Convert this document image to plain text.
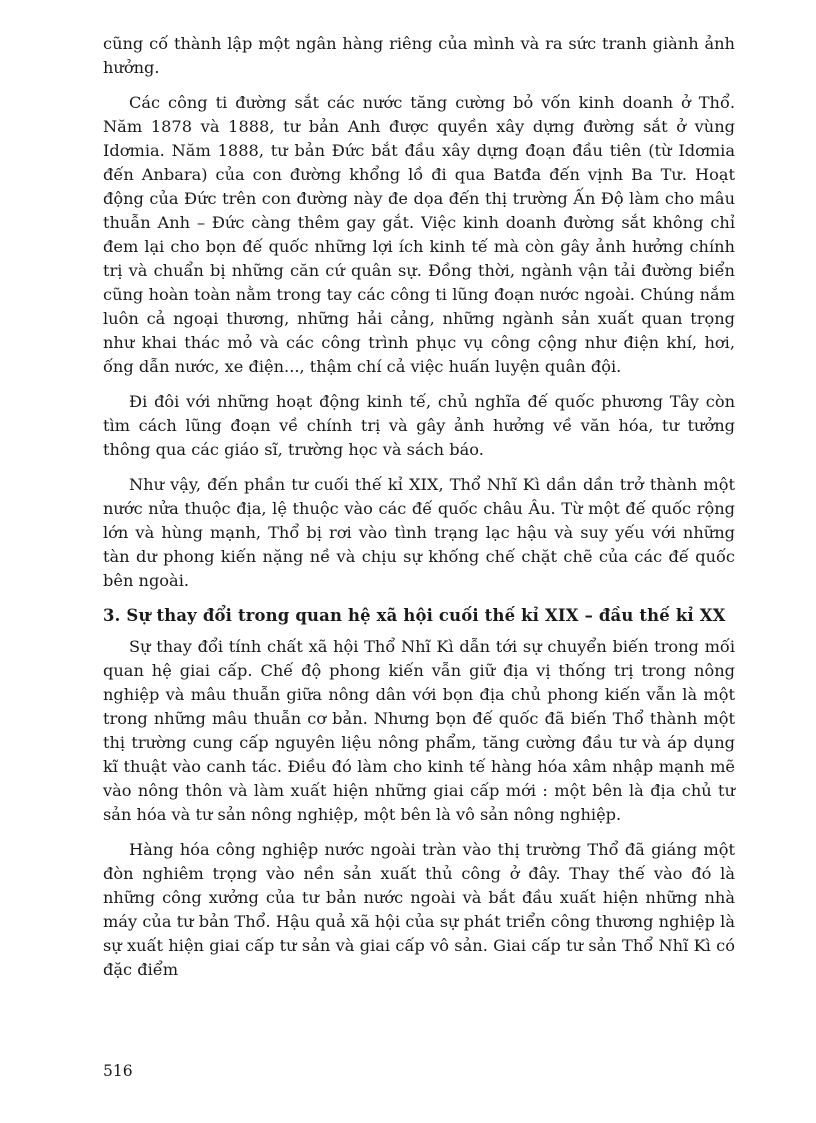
cũng cố thành lập một ngân hàng riêng của mình và ra sức tranh giành ảnh hưởng.

Các công ti đường sắt các nước tăng cường bỏ vốn kinh doanh ở Thổ. Năm 1878 và 1888, tư bản Anh được quyền xây dựng đường sắt ở vùng Idơmia. Năm 1888, tư bản Đức bắt đầu xây dựng đoạn đầu tiên (từ Idơmia đến Anbara) của con đường khổng lồ đi qua Batđa đến vịnh Ba Tư. Hoạt động của Đức trên con đường này đe dọa đến thị trường Ấn Độ làm cho mâu thuẫn Anh – Đức càng thêm gay gắt. Việc kinh doanh đường sắt không chỉ đem lại cho bọn đế quốc những lợi ích kinh tế mà còn gây ảnh hưởng chính trị và chuẩn bị những căn cứ quân sự. Đồng thời, ngành vận tải đường biển cũng hoàn toàn nằm trong tay các công ti lũng đoạn nước ngoài. Chúng nắm luôn cả ngoại thương, những hải cảng, những ngành sản xuất quan trọng như khai thác mỏ và các công trình phục vụ công cộng như điện khí, hơi, ống dẫn nước, xe điện..., thậm chí cả việc huấn luyện quân đội.

Đi đôi với những hoạt động kinh tế, chủ nghĩa đế quốc phương Tây còn tìm cách lũng đoạn về chính trị và gây ảnh hưởng về văn hóa, tư tưởng thông qua các giáo sĩ, trường học và sách báo.

Như vậy, đến phần tư cuối thế kỉ XIX, Thổ Nhĩ Kì dần dần trở thành một nước nửa thuộc địa, lệ thuộc vào các đế quốc châu Âu. Từ một đế quốc rộng lớn và hùng mạnh, Thổ bị rơi vào tình trạng lạc hậu và suy yếu với những tàn dư phong kiến nặng nề và chịu sự khống chế chặt chẽ của các đế quốc bên ngoài.

3. Sự thay đổi trong quan hệ xã hội cuối thế kỉ XIX – đầu thế kỉ XX

Sự thay đổi tính chất xã hội Thổ Nhĩ Kì dẫn tới sự chuyển biến trong mối quan hệ giai cấp. Chế độ phong kiến vẫn giữ địa vị thống trị trong nông nghiệp và mâu thuẫn giữa nông dân với bọn địa chủ phong kiến vẫn là một trong những mâu thuẫn cơ bản. Nhưng bọn đế quốc đã biến Thổ thành một thị trường cung cấp nguyên liệu nông phẩm, tăng cường đầu tư và áp dụng kĩ thuật vào canh tác. Điều đó làm cho kinh tế hàng hóa xâm nhập mạnh mẽ vào nông thôn và làm xuất hiện những giai cấp mới : một bên là địa chủ tư sản hóa và tư sản nông nghiệp, một bên là vô sản nông nghiệp.

Hàng hóa công nghiệp nước ngoài tràn vào thị trường Thổ đã giáng một đòn nghiêm trọng vào nền sản xuất thủ công ở đây. Thay thế vào đó là những công xưởng của tư bản nước ngoài và bắt đầu xuất hiện những nhà máy của tư bản Thổ. Hậu quả xã hội của sự phát triển công thương nghiệp là sự xuất hiện giai cấp tư sản và giai cấp vô sản. Giai cấp tư sản Thổ Nhĩ Kì có đặc điểm

516
